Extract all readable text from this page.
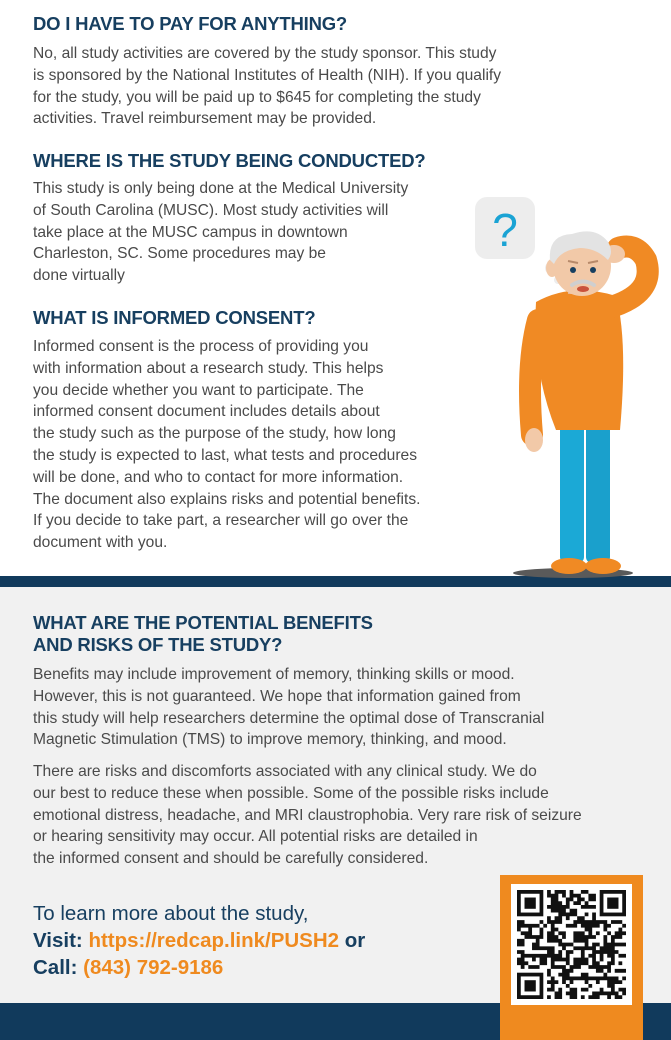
DO I HAVE TO PAY FOR ANYTHING?

No, all study activities are covered by the study sponsor. This study
is sponsored by the National Institutes of Health (NIH). If you qualify
for the study, you will be paid up to $645 for completing the study
activities. Travel reimbursement may be provided.

WHERE IS THE STUDY BEING CONDUCTED?

This study is only being done at the Medical University
of South Carolina (MUSC). Most study activities will
take place at the MUSC campus in downtown
Charleston, SC. Some procedures may be
done virtually

WHAT IS INFORMED CONSENT?

Informed consent is the process of providing you
with information about a research study. This helps
you decide whether you want to participate. The
informed consent document includes details about
the study such as the purpose of the study, how long
the study is expected to last, what tests and procedures
will be done, and who to contact for more information.
The document also explains risks and potential benefits.
If you decide to take part, a researcher will go over the
document with you.

?
WHAT ARE THE POTENTIAL BENEFITS
AND RISKS OF THE STUDY?

Benefits may include improvement of memory, thinking skills or mood.
However, this is not guaranteed. We hope that information gained from
this study will help researchers determine the optimal dose of Transcranial
Magnetic Stimulation (TMS) to improve memory, thinking, and mood.

There are risks and discomforts associated with any clinical study. We do
our best to reduce these when possible. Some of the possible risks include
emotional distress, headache, and MRI claustrophobia. Very rare risk of seizure
or hearing sensitivity may occur. All potential risks are detailed in
the informed consent and should be carefully considered.

To learn more about the study,
Visit: https://redcap.link/PUSH2 or
Call: (843) 792-9186
